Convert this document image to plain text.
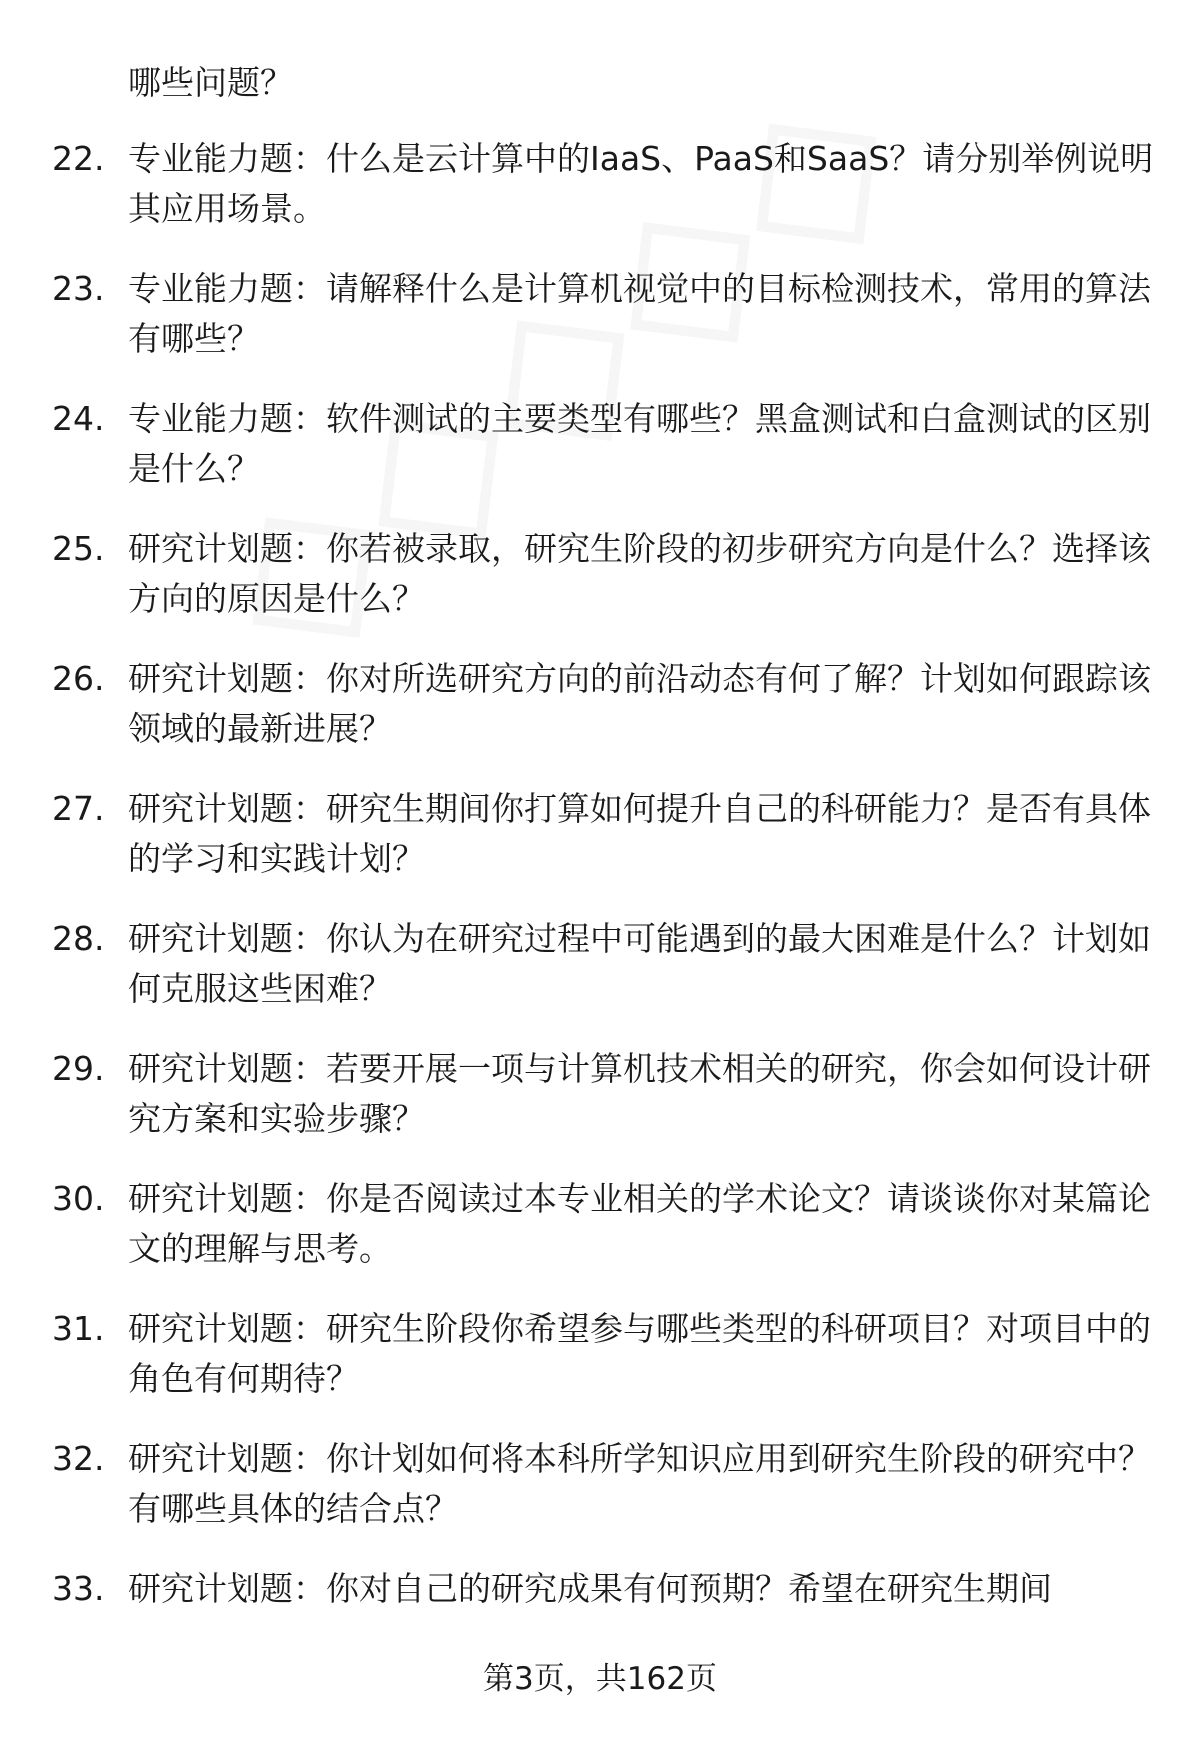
哪些问题？

22. 专业能力题：什么是云计算中的IaaS、PaaS和SaaS？请分别举例说明其应用场景。
23. 专业能力题：请解释什么是计算机视觉中的目标检测技术，常用的算法有哪些？
24. 专业能力题：软件测试的主要类型有哪些？黑盒测试和白盒测试的区别是什么？
25. 研究计划题：你若被录取，研究生阶段的初步研究方向是什么？选择该方向的原因是什么？
26. 研究计划题：你对所选研究方向的前沿动态有何了解？计划如何跟踪该领域的最新进展？
27. 研究计划题：研究生期间你打算如何提升自己的科研能力？是否有具体的学习和实践计划？
28. 研究计划题：你认为在研究过程中可能遇到的最大困难是什么？计划如何克服这些困难？
29. 研究计划题：若要开展一项与计算机技术相关的研究，你会如何设计研究方案和实验步骤？
30. 研究计划题：你是否阅读过本专业相关的学术论文？请谈谈你对某篇论文的理解与思考。
31. 研究计划题：研究生阶段你希望参与哪些类型的科研项目？对项目中的角色有何期待？
32. 研究计划题：你计划如何将本科所学知识应用到研究生阶段的研究中？有哪些具体的结合点？
33. 研究计划题：你对自己的研究成果有何预期？希望在研究生期间
第3页，共162页
